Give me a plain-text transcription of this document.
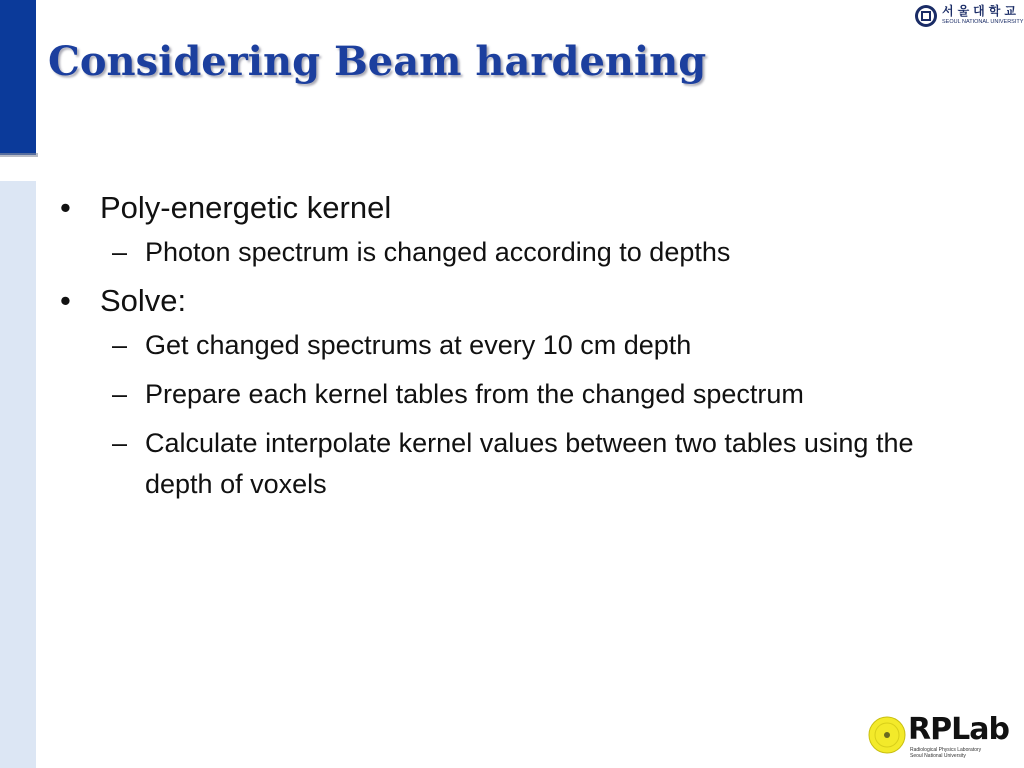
Considering Beam hardening
서울대학교
SEOUL NATIONAL UNIVERSITY
• Poly-energetic kernel
– Photon spectrum is changed according to depths
• Solve:
– Get changed spectrums at every 10 cm depth
– Prepare each kernel tables from the changed spectrum
– Calculate interpolate kernel values between two tables using the depth of voxels
RPLab
Radiological Physics Laboratory
Seoul National University
